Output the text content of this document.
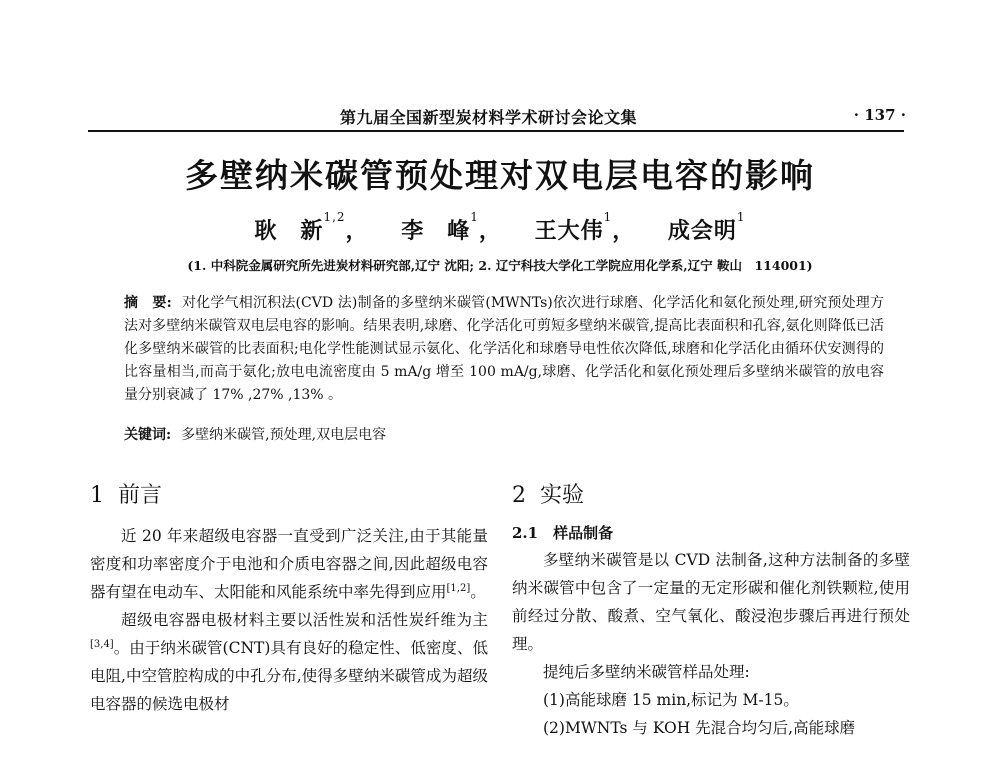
第九届全国新型炭材料学术研讨会论文集	· 137 ·
多壁纳米碳管预处理对双电层电容的影响
耿　新$^{1,2}$， 李　峰$^1$， 王大伟$^1$， 成会明$^1$
(1. 中科院金属研究所先进炭材料研究部,辽宁 沈阳; 2. 辽宁科技大学化工学院应用化学系,辽宁 鞍山　114001)
摘　要: 对化学气相沉积法(CVD 法)制备的多壁纳米碳管(MWNTs)依次进行球磨、化学活化和氨化预处理,研究预处理方法对多壁纳米碳管双电层电容的影响。结果表明,球磨、化学活化可剪短多壁纳米碳管,提高比表面积和孔容,氨化则降低已活化多壁纳米碳管的比表面积;电化学性能测试显示氨化、化学活化和球磨导电性依次降低,球磨和化学活化由循环伏安测得的比容量相当,而高于氨化;放电电流密度由 5 mA/g 增至 100 mA/g,球磨、化学活化和氨化预处理后多壁纳米碳管的放电容量分别衰减了 17% ,27% ,13% 。
关键词: 多壁纳米碳管,预处理,双电层电容
1 前言

近 20 年来超级电容器一直受到广泛关注,由于其能量密度和功率密度介于电池和介质电容器之间,因此超级电容器有望在电动车、太阳能和风能系统中率先得到应用[1,2]。

超级电容器电极材料主要以活性炭和活性炭纤维为主[3,4]。由于纳米碳管(CNT)具有良好的稳定性、低密度、低电阻,中空管腔构成的中孔分布,使得多壁纳米碳管成为超级电容器的候选电极材

2 实验
2.1　 样品制备

多壁纳米碳管是以 CVD 法制备,这种方法制备的多壁纳米碳管中包含了一定量的无定形碳和催化剂铁颗粒,使用前经过分散、酸煮、空气氧化、酸浸泡步骤后再进行预处理。

提纯后多壁纳米碳管样品处理:

(1)高能球磨 15 min,标记为 M-15。

(2)MWNTs 与 KOH 先混合均匀后,高能球磨
